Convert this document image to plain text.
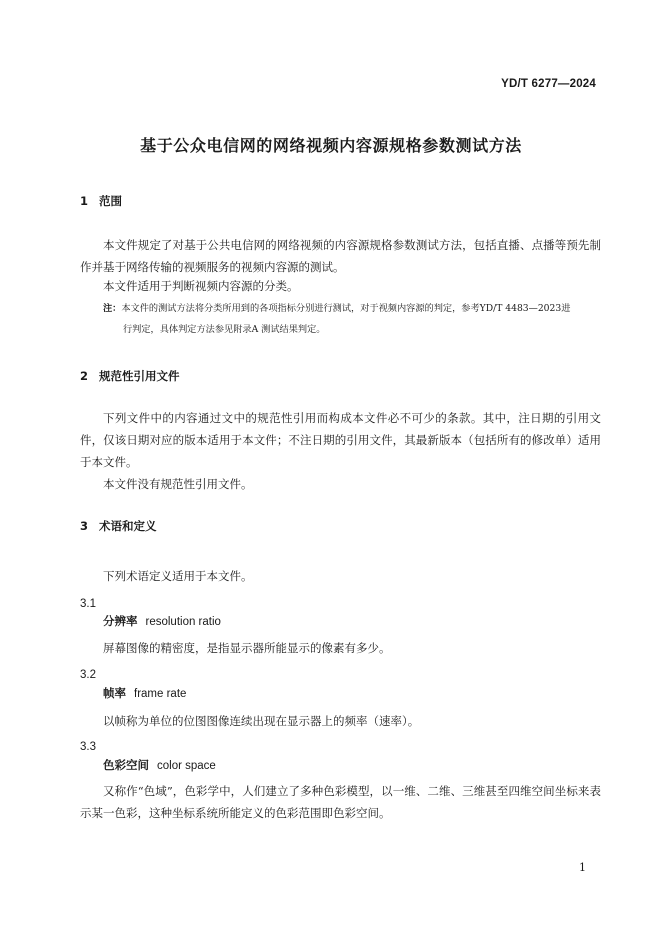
YD/T 6277—2024
基于公众电信网的网络视频内容源规格参数测试方法
1 范围

本文件规定了对基于公共电信网的网络视频的内容源规格参数测试方法，包括直播、点播等预先制作并基于网络传输的视频服务的视频内容源的测试。

本文件适用于判断视频内容源的分类。

注：本文件的测试方法将分类所用到的各项指标分别进行测试，对于视频内容源的判定，参考YD/T 4483—2023进
行判定，具体判定方法参见附录A 测试结果判定。
2 规范性引用文件

下列文件中的内容通过文中的规范性引用而构成本文件必不可少的条款。其中，注日期的引用文件，仅该日期对应的版本适用于本文件；不注日期的引用文件，其最新版本（包括所有的修改单）适用于本文件。

本文件没有规范性引用文件。

3 术语和定义

下列术语定义适用于本文件。

3.1
分辨率 resolution ratio

屏幕图像的精密度，是指显示器所能显示的像素有多少。

3.2
帧率 frame rate

以帧称为单位的位图图像连续出现在显示器上的频率（速率）。

3.3
色彩空间 color space

又称作“色域”，色彩学中，人们建立了多种色彩模型，以一维、二维、三维甚至四维空间坐标来表示某一色彩，这种坐标系统所能定义的色彩范围即色彩空间。

1
